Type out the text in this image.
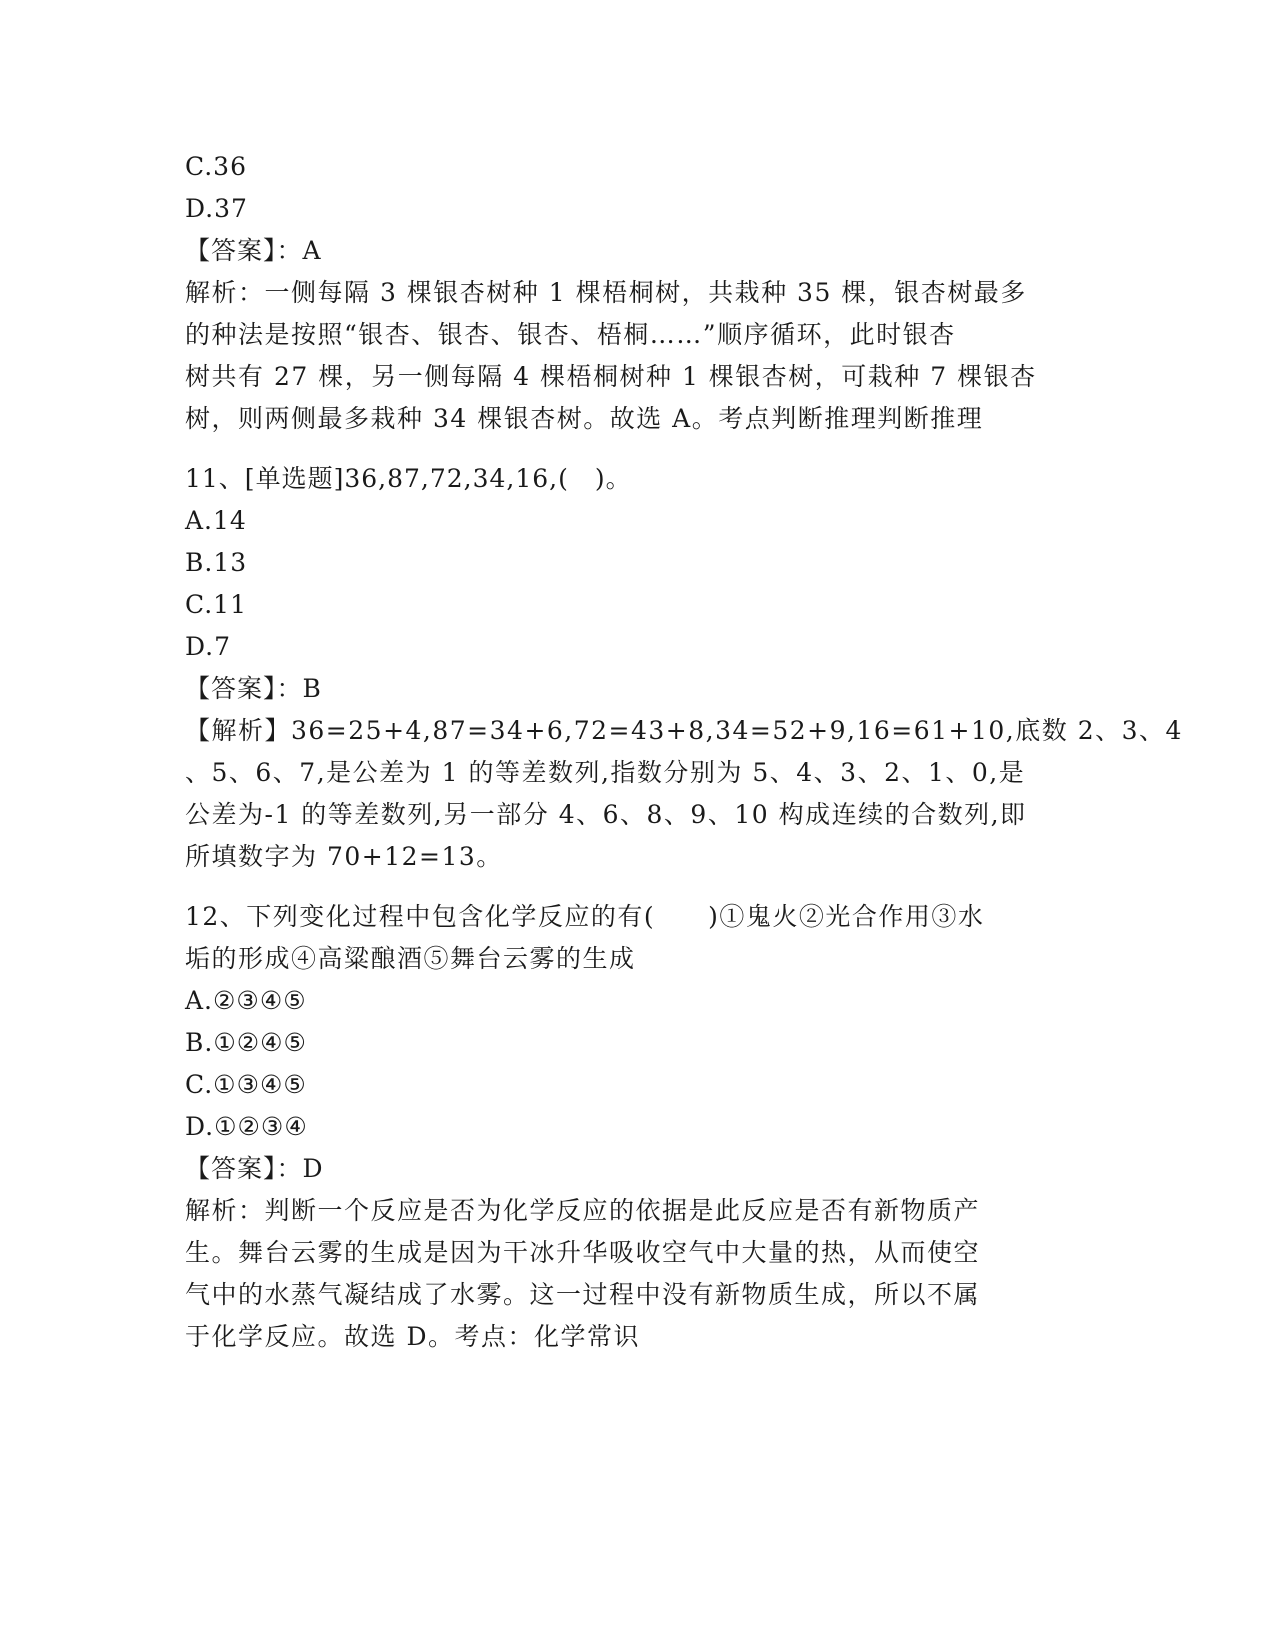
C.36
D.37
【答案】：A
解析：一侧每隔 3 棵银杏树种 1 棵梧桐树，共栽种 35 棵，银杏树最多
的种法是按照“银杏、银杏、银杏、梧桐……”顺序循环，此时银杏
树共有 27 棵，另一侧每隔 4 棵梧桐树种 1 棵银杏树，可栽种 7 棵银杏
树，则两侧最多栽种 34 棵银杏树。故选 A。考点判断推理判断推理
11、[单选题]36,87,72,34,16,(　)。
A.14
B.13
C.11
D.7
【答案】：B
【解析】36=25+4,87=34+6,72=43+8,34=52+9,16=61+10,底数 2、3、4
、5、6、7,是公差为 1 的等差数列,指数分别为 5、4、3、2、1、0,是
公差为-1 的等差数列,另一部分 4、6、8、9、10 构成连续的合数列,即
所填数字为 70+12=13。
12、下列变化过程中包含化学反应的有(　　)①鬼火②光合作用③水
垢的形成④高粱酿酒⑤舞台云雾的生成
A.②③④⑤
B.①②④⑤
C.①③④⑤
D.①②③④
【答案】：D
解析：判断一个反应是否为化学反应的依据是此反应是否有新物质产
生。舞台云雾的生成是因为干冰升华吸收空气中大量的热，从而使空
气中的水蒸气凝结成了水雾。这一过程中没有新物质生成，所以不属
于化学反应。故选 D。考点：化学常识
